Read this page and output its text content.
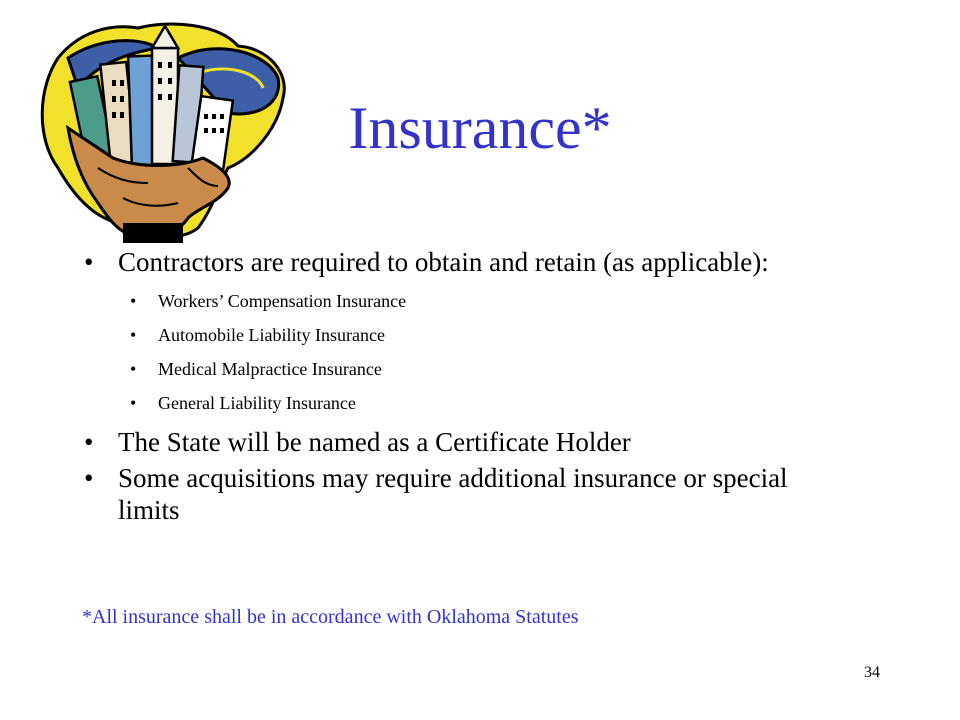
Insurance*
• Contractors are required to obtain and retain (as applicable):
• Workers’ Compensation Insurance
• Automobile Liability Insurance
• Medical Malpractice Insurance
• General Liability Insurance
• The State will be named as a Certificate Holder
• Some acquisitions may require additional insurance or special limits
*All insurance shall be in accordance with Oklahoma Statutes
34
